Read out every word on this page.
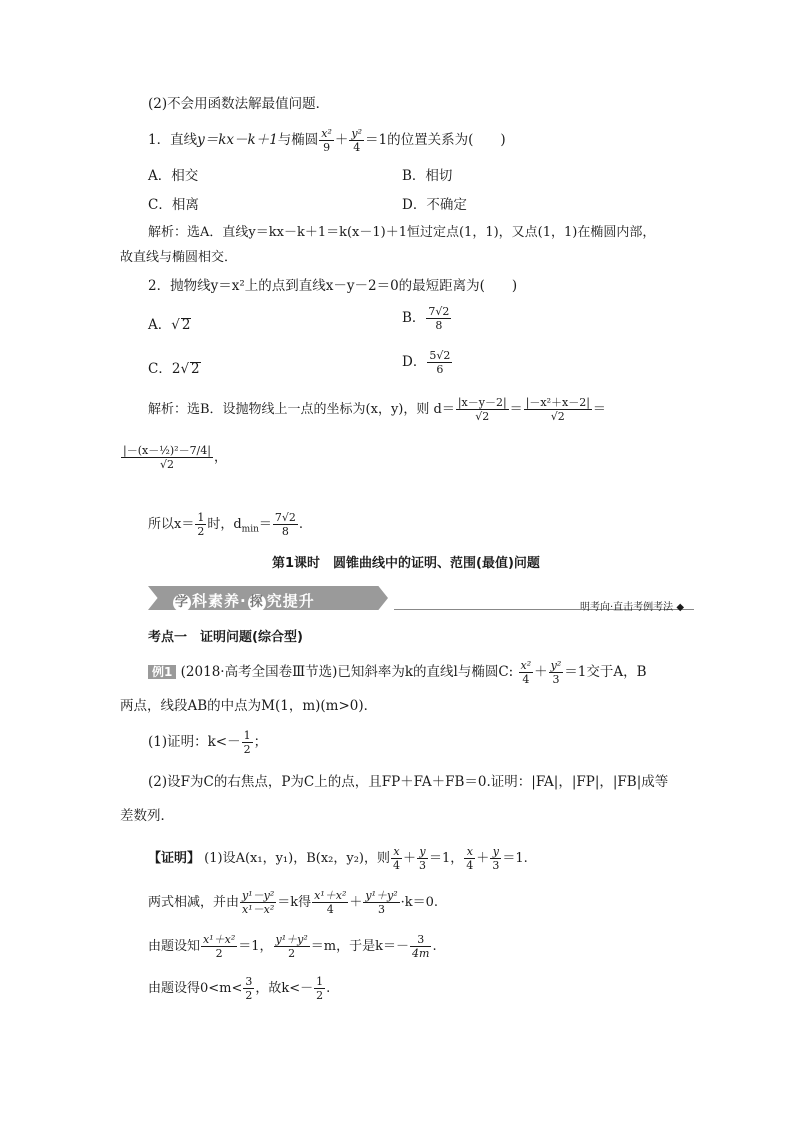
(2)不会用函数法解最值问题．
1．直线y＝kx－k＋1与椭圆 $\frac{\text{x²}}{9} + \frac{\text{y²}}{4} =1$的位置关系为(　　)
A．相交	B．相切
C．相离	D．不确定
解析：选A．直线y＝kx－k＋1＝k(x－1)＋1恒过定点(1，1)，又点(1，1)在椭圆内部，
故直线与椭圆相交．
2．抛物线y＝x²上的点到直线x－y－2＝0的最短距离为(　　)
A．√ 2	B． $\frac{7√2}{8}$
C．2√ 2	D． $\frac{5√2}{6}$
解析：选B．设抛物线上一点的坐标为(x，y)，则 $d= \frac{|x-y-2|}{√2} = \frac{\text{|－x²＋x－2|}}{√2}$ ＝
$\frac{\text{|－(x－½)²－7/4|}}{√2}$ ，
所以$x= \frac{1}{2}$ 时，$d_{min}= \frac{7√2}{8}$ .
第1课时　圆锥曲线中的证明、范围(最值)问题
学 科素养· 探 究提升	明考向·直击考例考法 ◆
考点一　证明问题(综合型)
例1 (2018·高考全国卷Ⅲ节选)已知斜率为k的直线l与椭圆C: $\frac{\text{x²}}{4} + \frac{\text{y²}}{3} =1$交于A，B
两点，线段AB的中点为M(1，m)(m>0)．
(1)证明：$k<- \frac{1}{2}$ ；
(2)设F为C的右焦点，P为C上的点，且FP＋FA＋FB＝0.证明：|FA|，|FP|，|FB|成等
差数列．
【证明】 (1)设A(x₁，y₁)，B(x₂，y₂)，则 $\frac{x}{4} + \frac{y}{3} =1$， $\frac{x}{4} + \frac{y}{3} =1$.
两式相减，并由 $\frac{\text{y¹－y²}}{\text{x¹－x²}} =k$得 $\frac{\text{x¹＋x²}}{4} + \frac{\text{y¹＋y²}}{3} \cdot k=0$.
由题设知 $\frac{\text{x¹＋x²}}{2} =1$， $\frac{\text{y¹＋y²}}{2} =m$，于是$k=- \frac{3}{4m}$ .
由题设得$0<m< \frac{3}{2}$ ，故$k<- \frac{1}{2}$ .
